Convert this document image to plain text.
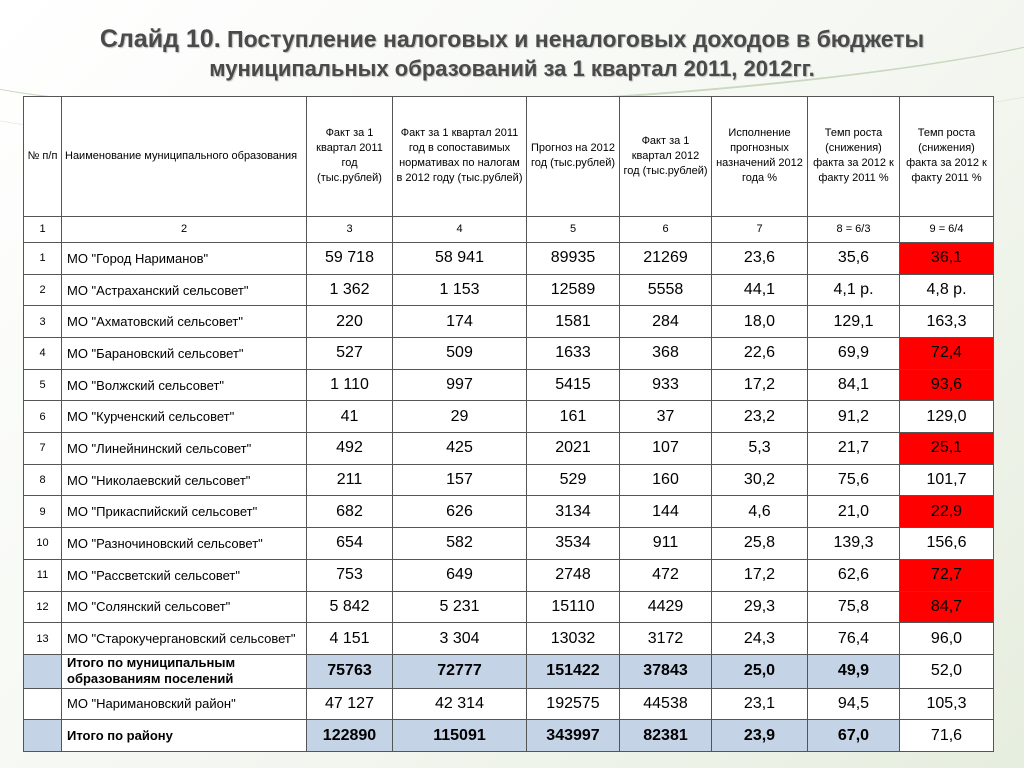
Слайд 10. Поступление налоговых и неналоговых доходов в бюджеты
муниципальных образований за 1 квартал 2011, 2012гг.
№ п/п	Наименование муниципального образования	Факт за 1 квартал 2011 год (тыс.рублей)	Факт за 1 квартал 2011 год в сопоставимых нормативах по налогам в 2012 году (тыс.рублей)	Прогноз на 2012 год (тыс.рублей)	Факт за 1 квартал 2012 год (тыс.рублей)	Исполнение прогнозных назначений 2012 года %	Темп роста (снижения) факта за 2012 к факту 2011 %	Темп роста (снижения) факта за 2012 к факту 2011 %
1	2	3	4	5	6	7	8 = 6/3	9 = 6/4
1	МО "Город Нариманов"	59 718	58 941	89935	21269	23,6	35,6	36,1
2	МО "Астраханский сельсовет"	1 362	1 153	12589	5558	44,1	4,1 р.	4,8 р.
3	МО "Ахматовский сельсовет"	220	174	1581	284	18,0	129,1	163,3
4	МО "Барановский сельсовет"	527	509	1633	368	22,6	69,9	72,4
5	МО "Волжский сельсовет"	1 110	997	5415	933	17,2	84,1	93,6
6	МО "Курченский сельсовет"	41	29	161	37	23,2	91,2	129,0
7	МО "Линейнинский сельсовет"	492	425	2021	107	5,3	21,7	25,1
8	МО "Николаевский сельсовет"	211	157	529	160	30,2	75,6	101,7
9	МО "Прикаспийский сельсовет"	682	626	3134	144	4,6	21,0	22,9
10	МО "Разночиновский сельсовет"	654	582	3534	911	25,8	139,3	156,6
11	МО "Рассветский сельсовет"	753	649	2748	472	17,2	62,6	72,7
12	МО "Солянский сельсовет"	5 842	5 231	15110	4429	29,3	75,8	84,7
13	МО "Старокучергановский сельсовет"	4 151	3 304	13032	3172	24,3	76,4	96,0
	Итого по муниципальным образованиям поселений	75763	72777	151422	37843	25,0	49,9	52,0
	МО "Наримановский район"	47 127	42 314	192575	44538	23,1	94,5	105,3
	Итого по району	122890	115091	343997	82381	23,9	67,0	71,6
